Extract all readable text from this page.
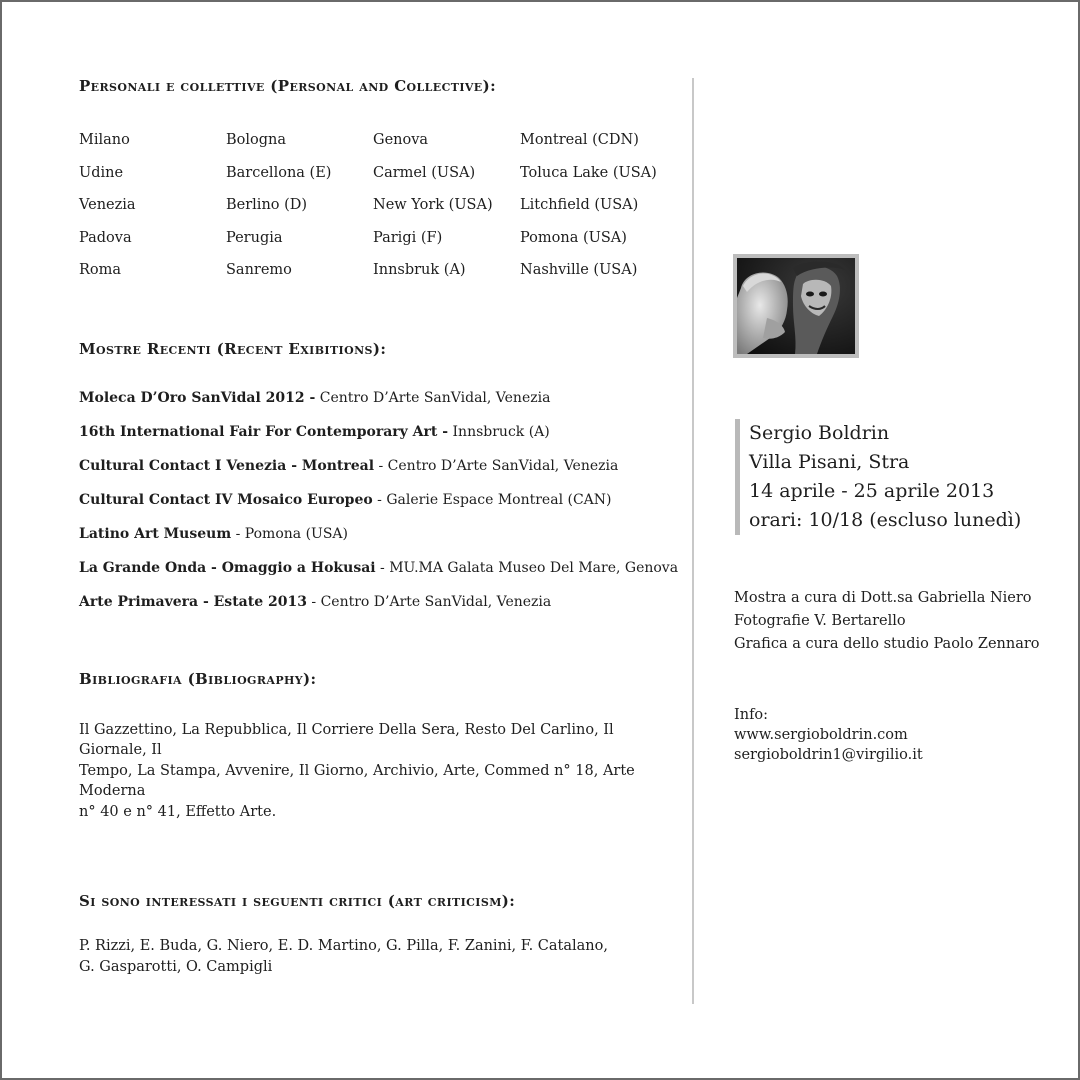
Personali e collettive (Personal and Collective):
Milano	Bologna	Genova	Montreal (CDN)
Udine	Barcellona (E)	Carmel (USA)	Toluca Lake (USA)
Venezia	Berlino (D)	New York (USA)	Litchfield (USA)
Padova	Perugia	Parigi (F)	Pomona (USA)
Roma	Sanremo	Innsbruk (A)	Nashville (USA)
Mostre Recenti (Recent Exibitions):
Moleca D’Oro SanVidal 2012 - Centro D’Arte SanVidal, Venezia
16th International Fair For Contemporary Art - Innsbruck (A)
Cultural Contact I Venezia - Montreal - Centro D’Arte SanVidal, Venezia
Cultural Contact IV Mosaico Europeo - Galerie Espace Montreal (CAN)
Latino Art Museum - Pomona (USA)
La Grande Onda - Omaggio a Hokusai - MU.MA Galata Museo Del Mare, Genova
Arte Primavera - Estate 2013 - Centro D’Arte SanVidal, Venezia
Bibliografia (Bibliography):

Il Gazzettino, La Repubblica, Il Corriere Della Sera, Resto Del Carlino, Il Giornale, Il

Tempo, La Stampa, Avvenire, Il Giorno, Archivio, Arte, Commed n° 18, Arte Moderna

n° 40 e n° 41, Effetto Arte.

Si sono interessati i seguenti critici (art criticism):

P. Rizzi, E. Buda, G. Niero, E. D. Martino, G. Pilla, F. Zanini, F. Catalano,

G. Gasparotti, O. Campigli

Sergio Boldrin
Villa Pisani, Stra
14 aprile - 25 aprile 2013
orari: 10/18 (escluso lunedì)
Mostra a cura di Dott.sa Gabriella Niero
Fotografie V. Bertarello
Grafica a cura dello studio Paolo Zennaro
Info:
www.sergioboldrin.com
sergioboldrin1@virgilio.it
